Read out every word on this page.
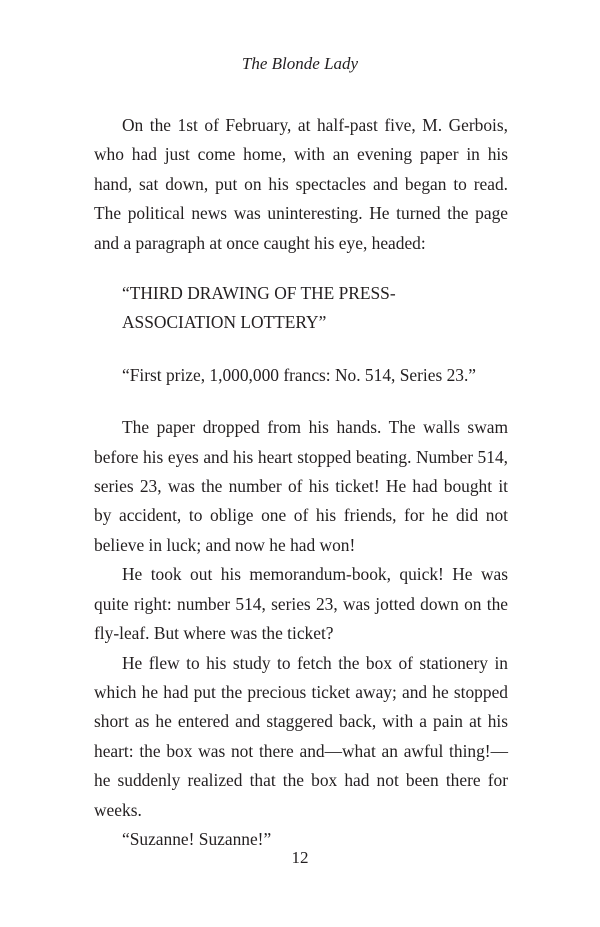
The Blonde Lady

On the 1st of February, at half-past five, M. Gerbois, who had just come home, with an evening paper in his hand, sat down, put on his spectacles and began to read. The political news was uninteresting. He turned the page and a paragraph at once caught his eye, headed:

“THIRD DRAWING OF THE PRESS-ASSOCIATION LOTTERY”

“First prize, 1,000,000 francs: No. 514, Series 23.”

The paper dropped from his hands. The walls swam before his eyes and his heart stopped beating. Number 514, series 23, was the number of his ticket! He had bought it by accident, to oblige one of his friends, for he did not believe in luck; and now he had won!

He took out his memorandum-book, quick! He was quite right: number 514, series 23, was jotted down on the fly-leaf. But where was the ticket?

He flew to his study to fetch the box of stationery in which he had put the precious ticket away; and he stopped short as he entered and staggered back, with a pain at his heart: the box was not there and—what an awful thing!—he suddenly realized that the box had not been there for weeks.

“Suzanne! Suzanne!”

12
